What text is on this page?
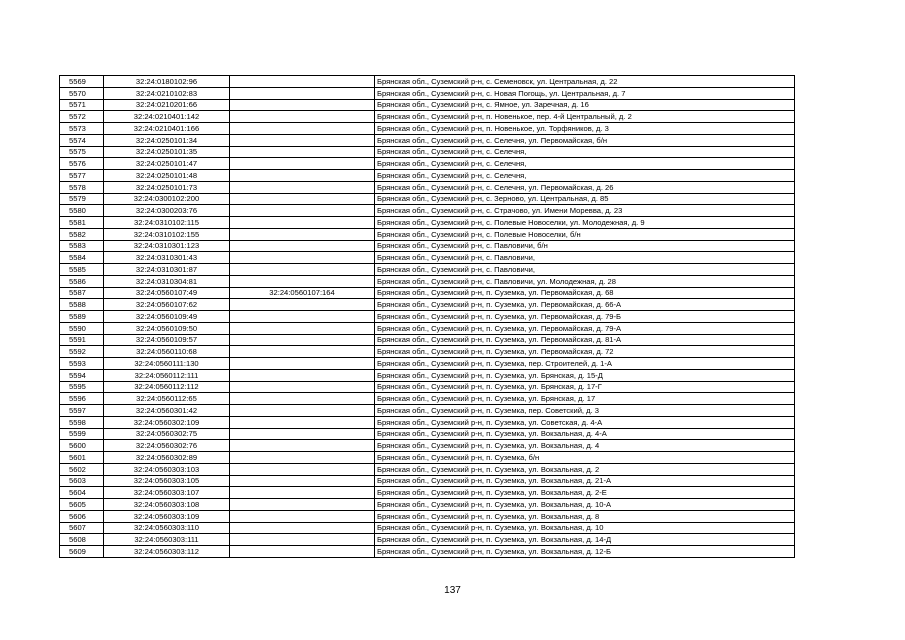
5569	32:24:0180102:96		Брянская обл., Суземский р-н, с. Семеновск, ул. Центральная, д. 22
5570	32:24:0210102:83		Брянская обл., Суземский р-н, с. Новая Погощь, ул. Центральная, д. 7
5571	32:24:0210201:66		Брянская обл., Суземский р-н, с. Ямное, ул. Заречная, д. 16
5572	32:24:0210401:142		Брянская обл., Суземский р-н, п. Новенькое, пер. 4-й Центральный, д. 2
5573	32:24:0210401:166		Брянская обл., Суземский р-н, п. Новенькое, ул. Торфяников, д. 3
5574	32:24:0250101:34		Брянская обл., Суземский р-н, с. Селечня, ул. Первомайская, б/н
5575	32:24:0250101:35		Брянская обл., Суземский р-н, с. Селечня,
5576	32:24:0250101:47		Брянская обл., Суземский р-н, с. Селечня,
5577	32:24:0250101:48		Брянская обл., Суземский р-н, с. Селечня,
5578	32:24:0250101:73		Брянская обл., Суземский р-н, с. Селечня, ул. Первомайская, д. 26
5579	32:24:0300102:200		Брянская обл., Суземский р-н, с. Зерново, ул. Центральная, д. 85
5580	32:24:0300203:76		Брянская обл., Суземский р-н, с. Страчово, ул. Имени Моревва, д. 23
5581	32:24:0310102:115		Брянская обл., Суземский р-н, с. Полевые Новоселки, ул. Молодежная, д. 9
5582	32:24:0310102:155		Брянская обл., Суземский р-н, с. Полевые Новоселки, б/н
5583	32:24:0310301:123		Брянская обл., Суземский р-н, с. Павловичи, б/н
5584	32:24:0310301:43		Брянская обл., Суземский р-н, с. Павловичи,
5585	32:24:0310301:87		Брянская обл., Суземский р-н, с. Павловичи,
5586	32:24:0310304:81		Брянская обл., Суземский р-н, с. Павловичи, ул. Молодежная, д. 28
5587	32:24:0560107:49	32:24:0560107:164	Брянская обл., Суземский р-н, п. Суземка, ул. Первомайская, д. 68
5588	32:24:0560107:62		Брянская обл., Суземский р-н, п. Суземка, ул. Первомайская, д. 66-А
5589	32:24:0560109:49		Брянская обл., Суземский р-н, п. Суземка, ул. Первомайская, д. 79-Б
5590	32:24:0560109:50		Брянская обл., Суземский р-н, п. Суземка, ул. Первомайская, д. 79-А
5591	32:24:0560109:57		Брянская обл., Суземский р-н, п. Суземка, ул. Первомайская, д. 81-А
5592	32:24:0560110:68		Брянская обл., Суземский р-н, п. Суземка, ул. Первомайская, д. 72
5593	32:24:0560111:130		Брянская обл., Суземский р-н, п. Суземка, пер. Строителей, д. 1-А
5594	32:24:0560112:111		Брянская обл., Суземский р-н, п. Суземка, ул. Брянская, д. 15-Д
5595	32:24:0560112:112		Брянская обл., Суземский р-н, п. Суземка, ул. Брянская, д. 17-Г
5596	32:24:0560112:65		Брянская обл., Суземский р-н, п. Суземка, ул. Брянская, д. 17
5597	32:24:0560301:42		Брянская обл., Суземский р-н, п. Суземка, пер. Советский, д. 3
5598	32:24:0560302:109		Брянская обл., Суземский р-н, п. Суземка, ул. Советская, д. 4-А
5599	32:24:0560302:75		Брянская обл., Суземский р-н, п. Суземка, ул. Вокзальная, д. 4-А
5600	32:24:0560302:76		Брянская обл., Суземский р-н, п. Суземка, ул. Вокзальная, д. 4
5601	32:24:0560302:89		Брянская обл., Суземский р-н, п. Суземка, б/н
5602	32:24:0560303:103		Брянская обл., Суземский р-н, п. Суземка, ул. Вокзальная, д. 2
5603	32:24:0560303:105		Брянская обл., Суземский р-н, п. Суземка, ул. Вокзальная, д. 21-А
5604	32:24:0560303:107		Брянская обл., Суземский р-н, п. Суземка, ул. Вокзальная, д. 2-Е
5605	32:24:0560303:108		Брянская обл., Суземский р-н, п. Суземка, ул. Вокзальная, д. 10-А
5606	32:24:0560303:109		Брянская обл., Суземский р-н, п. Суземка, ул. Вокзальная, д. 8
5607	32:24:0560303:110		Брянская обл., Суземский р-н, п. Суземка, ул. Вокзальная, д. 10
5608	32:24:0560303:111		Брянская обл., Суземский р-н, п. Суземка, ул. Вокзальная, д. 14-Д
5609	32:24:0560303:112		Брянская обл., Суземский р-н, п. Суземка, ул. Вокзальная, д. 12-Б
137
